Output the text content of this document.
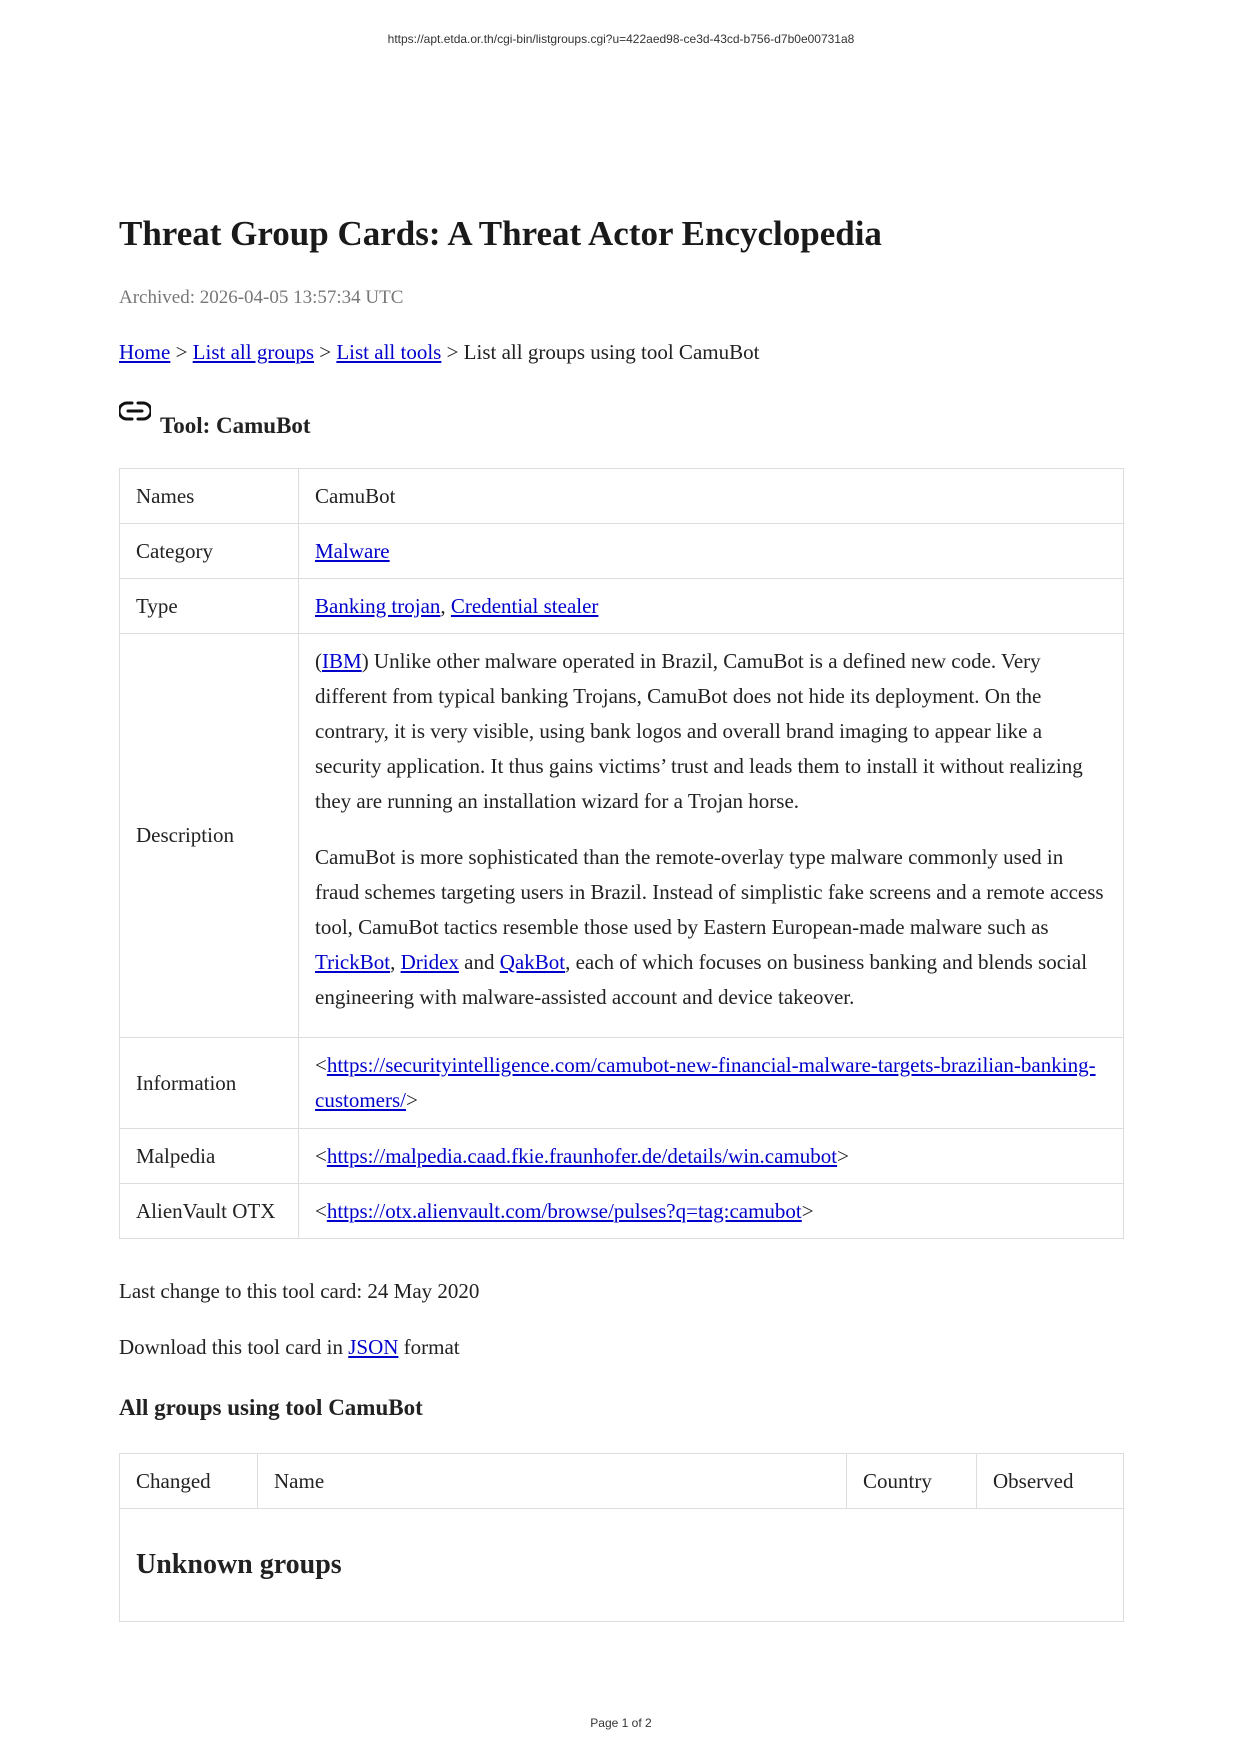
https://apt.etda.or.th/cgi-bin/listgroups.cgi?u=422aed98-ce3d-43cd-b756-d7b0e00731a8
Threat Group Cards: A Threat Actor Encyclopedia
Archived: 2026-04-05 13:57:34 UTC
Home > List all groups > List all tools > List all groups using tool CamuBot
Tool: CamuBot
Names	CamuBot
Category	Malware
Type	Banking trojan, Credential stealer
Description	(IBM) Unlike other malware operated in Brazil, CamuBot is a defined new code. Very different from typical banking Trojans, CamuBot does not hide its deployment. On the contrary, it is very visible, using bank logos and overall brand imaging to appear like a security application. It thus gains victims’ trust and leads them to install it without realizing they are running an installation wizard for a Trojan horse.

CamuBot is more sophisticated than the remote-overlay type malware commonly used in fraud schemes targeting users in Brazil. Instead of simplistic fake screens and a remote access tool, CamuBot tactics resemble those used by Eastern European-made malware such as TrickBot, Dridex and QakBot, each of which focuses on business banking and blends social engineering with malware-assisted account and device takeover.

Information	<https://securityintelligence.com/camubot-new-financial-malware-targets-brazilian-banking-customers/>
Malpedia	<https://malpedia.caad.fkie.fraunhofer.de/details/win.camubot>
AlienVault OTX	<https://otx.alienvault.com/browse/pulses?q=tag:camubot>
Last change to this tool card: 24 May 2020
Download this tool card in JSON format
All groups using tool CamuBot
Changed	Name	Country	Observed
Unknown groups
Page 1 of 2
